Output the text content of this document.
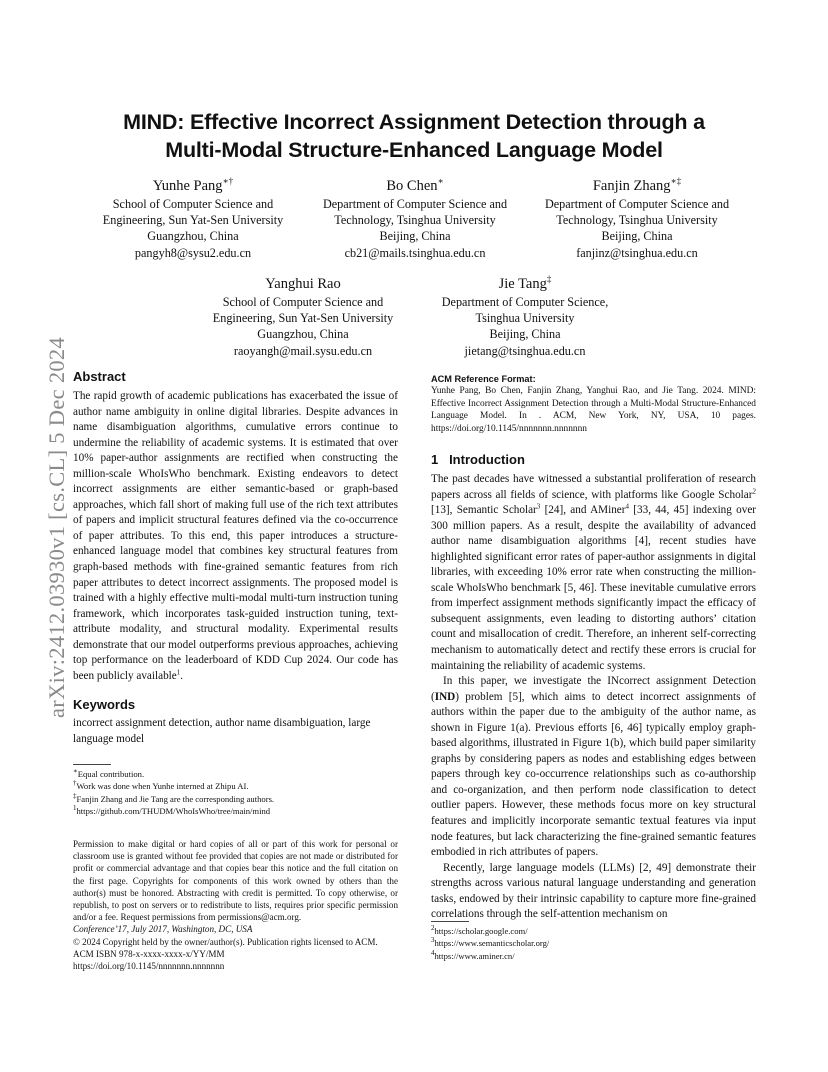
arXiv:2412.03930v1 [cs.CL] 5 Dec 2024
MIND: Effective Incorrect Assignment Detection through a
Multi-Modal Structure-Enhanced Language Model
Yunhe Pang∗†
School of Computer Science and
Engineering, Sun Yat-Sen University
Guangzhou, China
pangyh8@sysu2.edu.cn
Bo Chen∗
Department of Computer Science and
Technology, Tsinghua University
Beijing, China
cb21@mails.tsinghua.edu.cn
Fanjin Zhang∗‡
Department of Computer Science and
Technology, Tsinghua University
Beijing, China
fanjinz@tsinghua.edu.cn
Yanghui Rao
School of Computer Science and
Engineering, Sun Yat-Sen University
Guangzhou, China
raoyangh@mail.sysu.edu.cn
Jie Tang‡
Department of Computer Science,
Tsinghua University
Beijing, China
jietang@tsinghua.edu.cn
Abstract

The rapid growth of academic publications has exacerbated the issue of author name ambiguity in online digital libraries. Despite advances in name disambiguation algorithms, cumulative errors continue to undermine the reliability of academic systems. It is estimated that over 10% paper-author assignments are rectified when constructing the million-scale WhoIsWho benchmark. Existing endeavors to detect incorrect assignments are either semantic-based or graph-based approaches, which fall short of making full use of the rich text attributes of papers and implicit structural features defined via the co-occurrence of paper attributes. To this end, this paper introduces a structure-enhanced language model that combines key structural features from graph-based methods with fine-grained semantic features from rich paper attributes to detect incorrect assignments. The proposed model is trained with a highly effective multi-modal multi-turn instruction tuning framework, which incorporates task-guided instruction tuning, text-attribute modality, and structural modality. Experimental results demonstrate that our model outperforms previous approaches, achieving top performance on the leaderboard of KDD Cup 2024. Our code has been publicly available$^1$.

Keywords

incorrect assignment detection, author name disambiguation, large language model

∗Equal contribution.
†Work was done when Yunhe interned at Zhipu AI.
‡Fanjin Zhang and Jie Tang are the corresponding authors.
$^1$https://github.com/THUDM/WhoIsWho/tree/main/mind
Permission to make digital or hard copies of all or part of this work for personal or classroom use is granted without fee provided that copies are not made or distributed for profit or commercial advantage and that copies bear this notice and the full citation on the first page. Copyrights for components of this work owned by others than the author(s) must be honored. Abstracting with credit is permitted. To copy otherwise, or republish, to post on servers or to redistribute to lists, requires prior specific permission and/or a fee. Request permissions from permissions@acm.org.
Conference’17, July 2017, Washington, DC, USA
© 2024 Copyright held by the owner/author(s). Publication rights licensed to ACM.
ACM ISBN 978-x-xxxx-xxxx-x/YY/MM
https://doi.org/10.1145/nnnnnnn.nnnnnnn
ACM Reference Format:
Yunhe Pang, Bo Chen, Fanjin Zhang, Yanghui Rao, and Jie Tang. 2024. MIND: Effective Incorrect Assignment Detection through a Multi-Modal Structure-Enhanced Language Model. In . ACM, New York, NY, USA, 10 pages. https://doi.org/10.1145/nnnnnnn.nnnnnnn
1   Introduction

The past decades have witnessed a substantial proliferation of research papers across all fields of science, with platforms like Google Scholar$^2$ [13], Semantic Scholar$^3$ [24], and AMiner$^4$ [33, 44, 45] indexing over 300 million papers. As a result, despite the availability of advanced author name disambiguation algorithms [4], recent studies have highlighted significant error rates of paper-author assignments in digital libraries, with exceeding 10% error rate when constructing the million-scale WhoIsWho benchmark [5, 46]. These inevitable cumulative errors from imperfect assignment methods significantly impact the efficacy of subsequent assignments, even leading to distorting authors’ citation count and misallocation of credit. Therefore, an inherent self-correcting mechanism to automatically detect and rectify these errors is crucial for maintaining the reliability of academic systems.

In this paper, we investigate the INcorrect assignment Detection (IND) problem [5], which aims to detect incorrect assignments of authors within the paper due to the ambiguity of the author name, as shown in Figure 1(a). Previous efforts [6, 46] typically employ graph-based algorithms, illustrated in Figure 1(b), which build paper similarity graphs by considering papers as nodes and establishing edges between papers through key co-occurrence relationships such as co-authorship and co-organization, and then perform node classification to detect outlier papers. However, these methods focus more on key structural features and implicitly incorporate semantic textual features via input node features, but lack characterizing the fine-grained semantic features embodied in rich attributes of papers.

Recently, large language models (LLMs) [2, 49] demonstrate their strengths across various natural language understanding and generation tasks, endowed by their intrinsic capability to capture more fine-grained correlations through the self-attention mechanism on

$^2$https://scholar.google.com/
$^3$https://www.semanticscholar.org/
$^4$https://www.aminer.cn/
